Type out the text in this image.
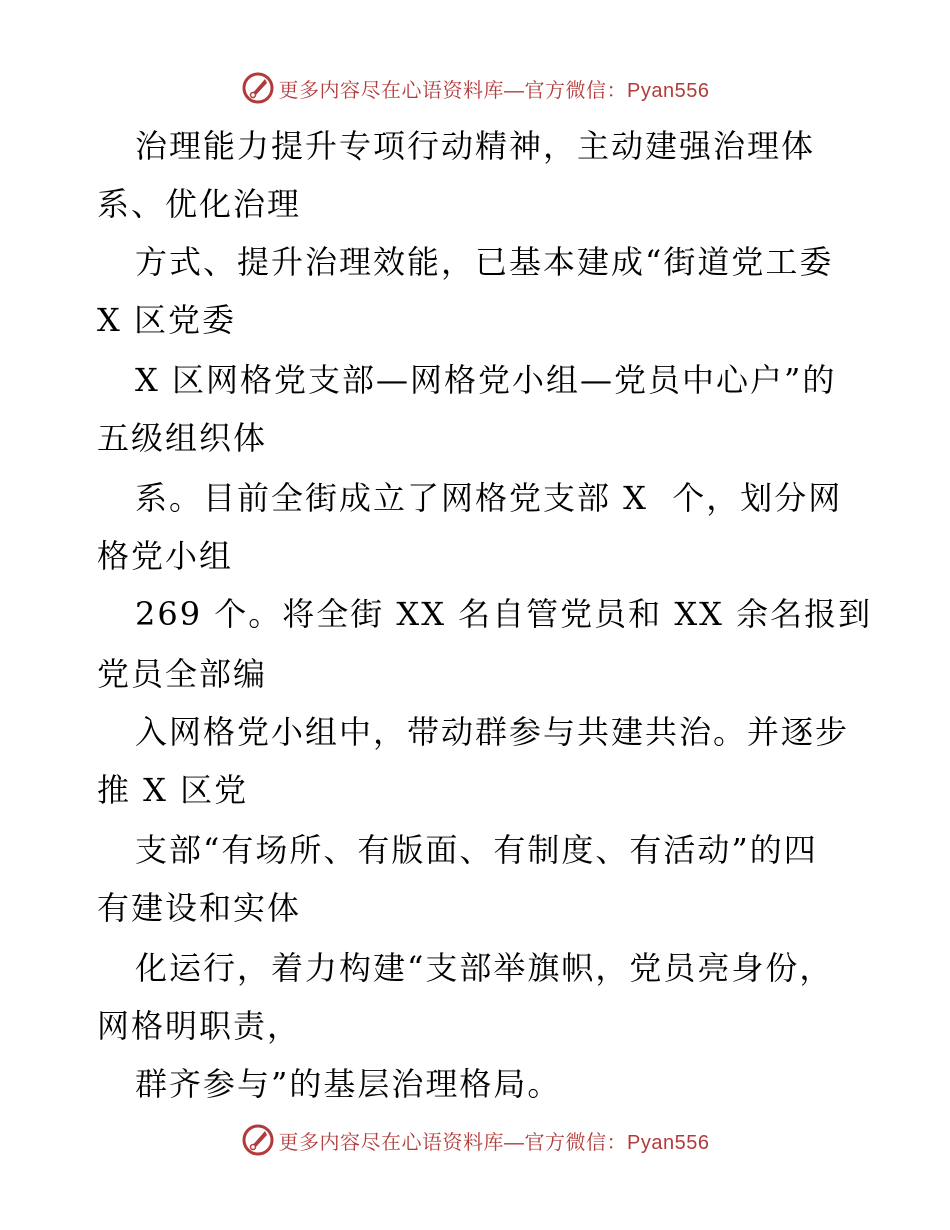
更多内容尽在心语资料库—官方微信：Pyan556
治理能力提升专项行动精神，主动建强治理体
系、优化治理
方式、提升治理效能，已基本建成“街道党工委
X 区党委
X 区网格党支部—网格党小组—党员中心户”的
五级组织体
系。目前全街成立了网格党支部 X  个，划分网
格党小组
269 个。将全街 XX 名自管党员和 XX 余名报到
党员全部编
入网格党小组中，带动群参与共建共治。并逐步
推 X 区党
支部“有场所、有版面、有制度、有活动”的四
有建设和实体
化运行，着力构建“支部举旗帜，党员亮身份，
网格明职责，
群齐参与”的基层治理格局。
更多内容尽在心语资料库—官方微信：Pyan556
